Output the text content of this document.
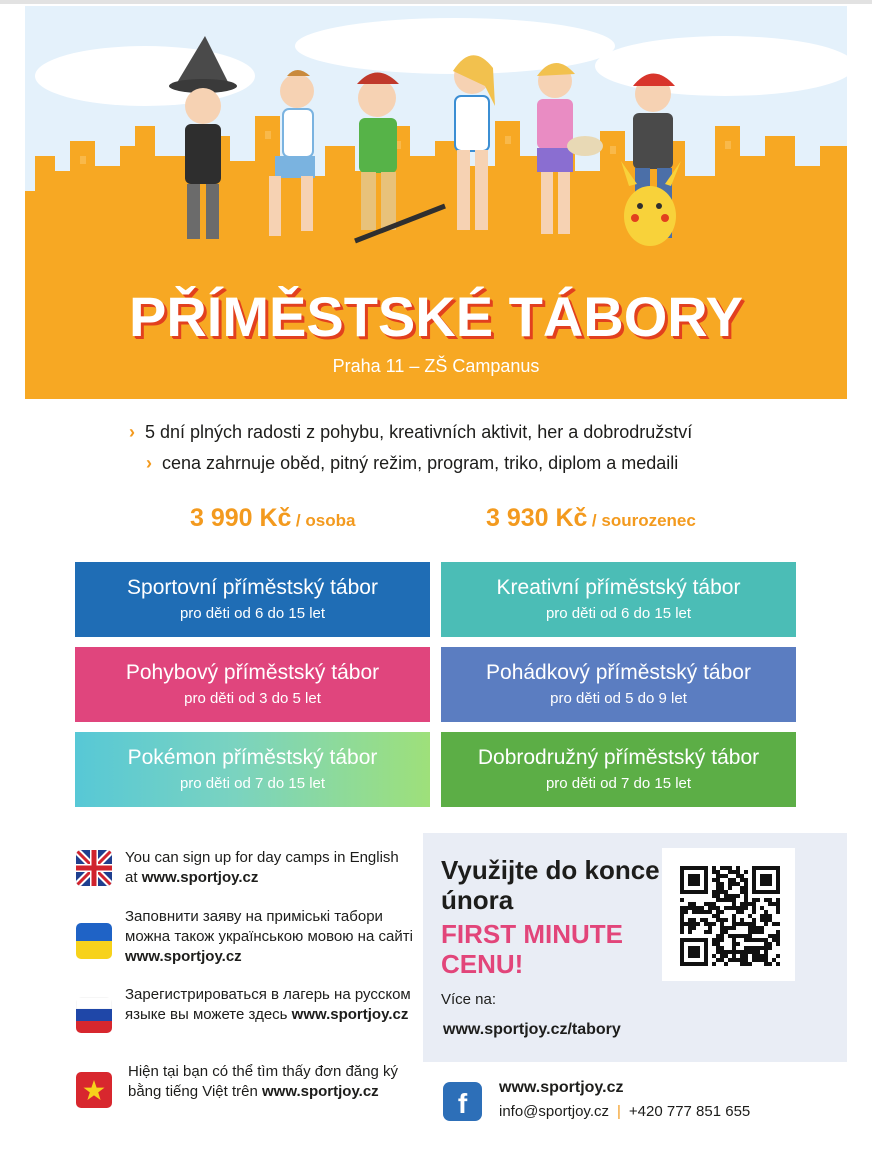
PŘÍMĚSTSKÉ TÁBORY
Praha 11 – ZŠ Campanus
› 5 dní plných radosti z pohybu, kreativních aktivit, her a dobrodružství
› cena zahrnuje oběd, pitný režim, program, triko, diplom a medaili
3 990 Kč / osoba	3 930 Kč / sourozenec
Sportovní příměstský tábor
pro děti od 6 do 15 let
Kreativní příměstský tábor
pro děti od 6 do 15 let
Pohybový příměstský tábor
pro děti od 3 do 5 let
Pohádkový příměstský tábor
pro děti od 5 do 9 let
Pokémon příměstský tábor
pro děti od 7 do 15 let
Dobrodružný příměstský tábor
pro děti od 7 do 15 let
You can sign up for day camps in English at www.sportjoy.cz
Заповнити заяву на примiськi табори можна також українською мовою на сайтi www.sportjoy.cz
Зарегистрироваться в лагерь на русском языке вы можете здесь www.sportjoy.cz
Hiện tại bạn có thể tìm thấy đơn đăng ký bằng tiếng Việt trên www.sportjoy.cz
Využijte do konce února
FIRST MINUTE CENU!
Více na:
www.sportjoy.cz/tabory
f
www.sportjoy.cz
info@sportjoy.cz | +420 777 851 655
